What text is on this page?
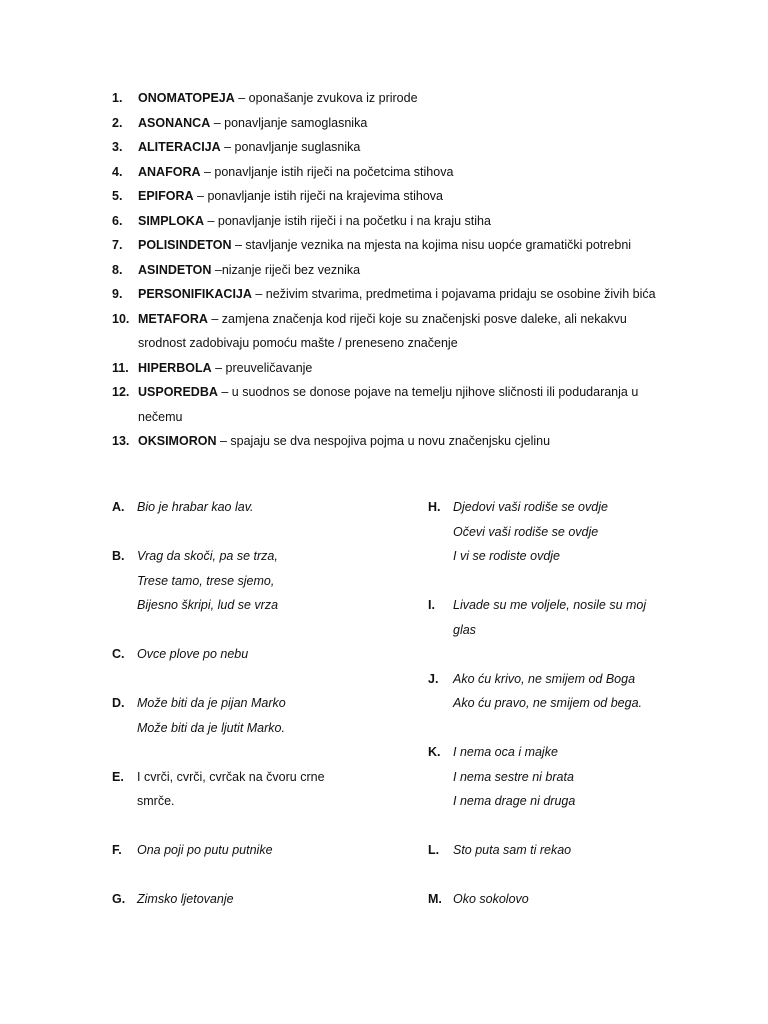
1.	ONOMATOPEJA – oponašanje zvukova iz prirode
2.	ASONANCA – ponavljanje samoglasnika
3.	ALITERACIJA – ponavljanje suglasnika
4.	ANAFORA – ponavljanje istih riječi na početcima stihova
5.	EPIFORA – ponavljanje istih riječi na krajevima stihova
6.	SIMPLOKA – ponavljanje istih riječi i na početku i na kraju stiha
7.	POLISINDETON – stavljanje veznika na mjesta na kojima nisu uopće gramatički potrebni
8.	ASINDETON –nizanje riječi bez veznika
9.	PERSONIFIKACIJA – neživim stvarima, predmetima i pojavama pridaju se osobine živih bića
10. METAFORA – zamjena značenja kod riječi koje su značenjski posve daleke, ali nekakvu srodnost zadobivaju pomoću mašte / preneseno značenje
11. HIPERBOLA – preuveličavanje
12. USPOREDBA – u suodnos se donose pojave na temelju njihove sličnosti ili podudaranja u nečemu
13. OKSIMORON – spajaju se dva nespojiva pojma u novu značenjsku cjelinu
A.	Bio je hrabar kao lav.
B.	Vrag da skoči, pa se trza,
Trese tamo, trese sjemo,
Bijesno škripi, lud se vrza
C.	Ovce plove po nebu
D.	Može biti da je pijan Marko
Može biti da je ljutit Marko.
E.	I cvrči, cvrči, cvrčak na čvoru crne
smrče.
F.	Ona poji po putu putnike
G. Zimsko ljetovanje
H.	Djedovi vaši rodiše se ovdje
Očevi vaši rodiše se ovdje
I vi se rodiste ovdje
I.	Livade su me voljele, nosile su moj
glas
J.	Ako ću krivo, ne smijem od Boga
Ako ću pravo, ne smijem od bega.
K.	I nema oca i majke
I nema sestre ni brata
I nema drage ni druga
L.	Sto puta sam ti rekao
M. Oko sokolovo
